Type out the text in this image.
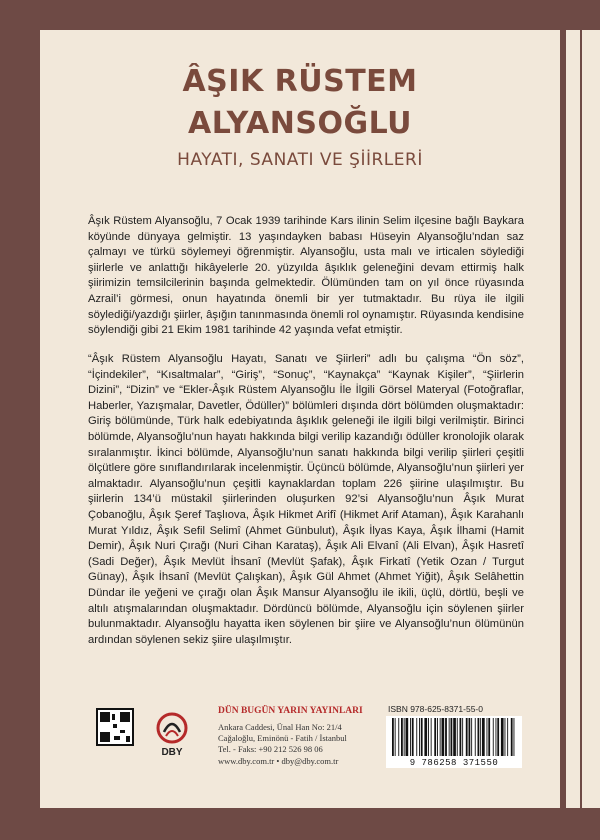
ÂŞIK RÜSTEM
ALYANSOĞLU
HAYATI, SANATI VE ŞİİRLERİ
Âşık Rüstem Alyansoğlu, 7 Ocak 1939 tarihinde Kars ilinin Selim ilçesine bağlı Baykara köyünde dünyaya gelmiştir. 13 yaşındayken babası Hüseyin Alyansoğlu’ndan saz çalmayı ve türkü söylemeyi öğrenmiştir. Alyansoğlu, usta malı ve irticalen söylediği şiirlerle ve anlattığı hikâyelerle 20. yüzyılda âşıklık geleneğini devam ettirmiş halk şiirimizin temsilcilerinin başında gelmektedir. Ölümünden tam on yıl önce rüyasında Azrail’i görmesi, onun hayatında önemli bir yer tutmaktadır. Bu rüya ile ilgili söylediği/yazdığı şiirler, âşığın tanınmasında önemli rol oynamıştır. Rüyasında kendisine söylendiği gibi 21 Ekim 1981 tarihinde 42 yaşında vefat etmiştir.
“Âşık Rüstem Alyansoğlu Hayatı, Sanatı ve Şiirleri” adlı bu çalışma “Ön söz”, “İçindekiler”, “Kısaltmalar”, “Giriş”, “Sonuç”, “Kaynakça” “Kaynak Kişiler”, “Şiirlerin Dizini”, “Dizin” ve “Ekler-Âşık Rüstem Alyansoğlu İle İlgili Görsel Materyal (Fotoğraflar, Haberler, Yazışmalar, Davetler, Ödüller)” bölümleri dışında dört bölümden oluşmaktadır: Giriş bölümünde, Türk halk edebiyatında âşıklık geleneği ile ilgili bilgi verilmiştir. Birinci bölümde, Alyansoğlu’nun hayatı hakkında bilgi verilip kazandığı ödüller kronolojik olarak sıralanmıştır. İkinci bölümde, Alyansoğlu’nun sanatı hakkında bilgi verilip şiirleri çeşitli ölçütlere göre sınıflandırılarak incelenmiştir. Üçüncü bölümde, Alyansoğlu’nun şiirleri yer almaktadır. Alyansoğlu’nun çeşitli kaynaklardan toplam 226 şiirine ulaşılmıştır. Bu şiirlerin 134’ü müstakil şiirlerinden oluşurken 92’si Alyansoğlu’nun Âşık Murat Çobanoğlu, Âşık Şeref Taşlıova, Âşık Hikmet Arifî (Hikmet Arif Ataman), Âşık Karahanlı Murat Yıldız, Âşık Sefil Selimî (Ahmet Günbulut), Âşık İlyas Kaya, Âşık İlhami (Hamit Demir), Âşık Nuri Çırağı (Nuri Cihan Karataş), Âşık Ali Elvanî (Ali Elvan), Âşık Hasretî (Sadi Değer), Âşık Mevlüt İhsanî (Mevlüt Şafak), Âşık Firkatî (Yetik Ozan / Turgut Günay), Âşık İhsanî (Mevlüt Çalışkan), Âşık Gül Ahmet (Ahmet Yiğit), Âşık Selâhettin Dündar ile yeğeni ve çırağı olan Âşık Mansur Alyansoğlu ile ikili, üçlü, dörtlü, beşli ve altılı atışmalarından oluşmaktadır. Dördüncü bölümde, Alyansoğlu için söylenen şiirler bulunmaktadır. Alyansoğlu hayatta iken söylenen bir şiire ve Alyansoğlu’nun ölümünün ardından söylenen sekiz şiire ulaşılmıştır.
DBY
DÜN BUGÜN YARIN YAYINLARI
Ankara Caddesi, Ünal Han No: 21/4
Cağaloğlu, Eminönü - Fatih / İstanbul
Tel. - Faks: +90 212 526 98 06
www.dby.com.tr • dby@dby.com.tr
ISBN 978-625-8371-55-0
9 786258 371550
